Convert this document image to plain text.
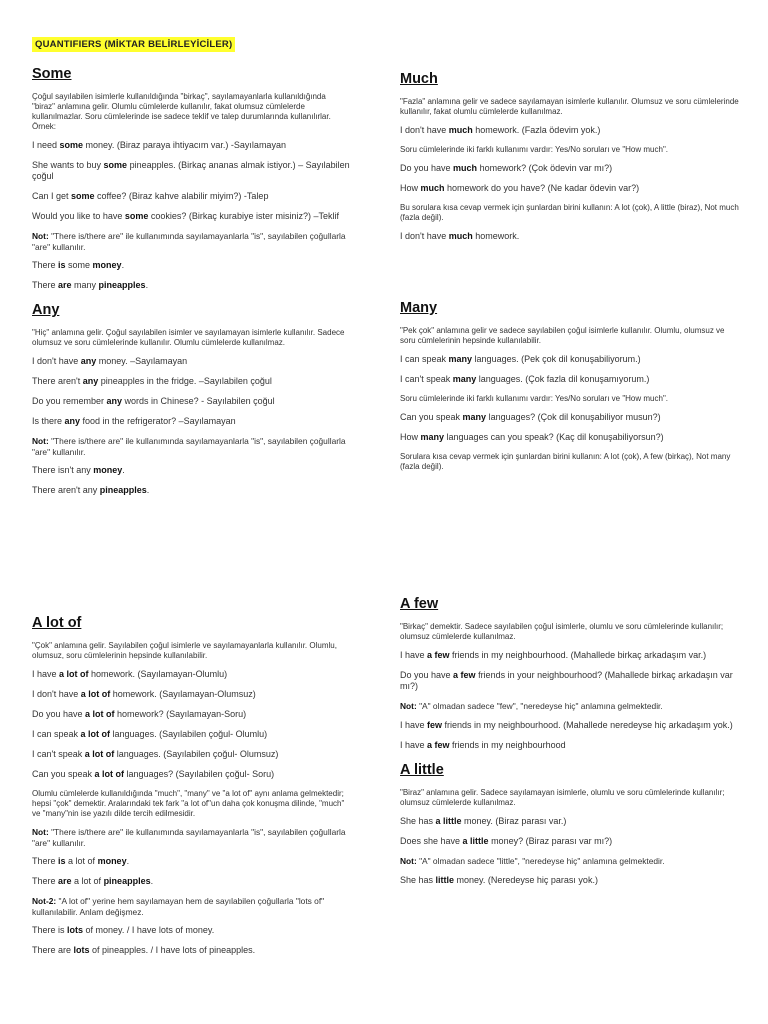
QUANTIFIERS (MİKTAR BELİRLEYİCİLER)
Some

Çoğul sayılabilen isimlerle kullanıldığında "birkaç", sayılamayanlarla kullanıldığında "biraz" anlamına gelir. Olumlu cümlelerde kullanılır, fakat olumsuz cümlelerde kullanılmazlar. Soru cümlelerinde ise sadece teklif ve talep durumlarında kullanılırlar. Örnek:

I need some money. (Biraz paraya ihtiyacım var.) -Sayılamayan

She wants to buy some pineapples. (Birkaç ananas almak istiyor.) – Sayılabilen çoğul

Can I get some coffee? (Biraz kahve alabilir miyim?) -Talep

Would you like to have some cookies? (Birkaç kurabiye ister misiniz?) –Teklif

Not: "There is/there are" ile kullanımında sayılamayanlarla "is", sayılabilen çoğullarla "are" kullanılır.

There is some money.

There are many pineapples.

Any

"Hiç" anlamına gelir. Çoğul sayılabilen isimler ve sayılamayan isimlerle kullanılır. Sadece olumsuz ve soru cümlelerinde kullanılır. Olumlu cümlelerde kullanılmaz.

I don't have any money. –Sayılamayan

There aren't any pineapples in the fridge. –Sayılabilen çoğul

Do you remember any words in Chinese? - Sayılabilen çoğul

Is there any food in the refrigerator? –Sayılamayan

Not: "There is/there are" ile kullanımında sayılamayanlarla "is", sayılabilen çoğullarla "are" kullanılır.

There isn't any money.

There aren't any pineapples.

A lot of

"Çok" anlamına gelir. Sayılabilen çoğul isimlerle ve sayılamayanlarla kullanılır. Olumlu, olumsuz, soru cümlelerinin hepsinde kullanılabilir.

I have a lot of homework. (Sayılamayan-Olumlu)

I don't have a lot of homework. (Sayılamayan-Olumsuz)

Do you have a lot of homework? (Sayılamayan-Soru)

I can speak a lot of languages. (Sayılabilen çoğul- Olumlu)

I can't speak a lot of languages. (Sayılabilen çoğul- Olumsuz)

Can you speak a lot of languages? (Sayılabilen çoğul- Soru)

Olumlu cümlelerde kullanıldığında "much", "many" ve "a lot of" aynı anlama gelmektedir; hepsi "çok" demektir. Aralarındaki tek fark "a lot of"un daha çok konuşma dilinde, "much" ve "many"nin ise yazılı dilde tercih edilmesidir.

Not: "There is/there are" ile kullanımında sayılamayanlarla "is", sayılabilen çoğullarla "are" kullanılır.

There is a lot of money.

There are a lot of pineapples.

Not-2: "A lot of" yerine hem sayılamayan hem de sayılabilen çoğullarla "lots of" kullanılabilir. Anlam değişmez.

There is lots of money. / I have lots of money.

There are lots of pineapples. / I have lots of pineapples.

Much

"Fazla" anlamına gelir ve sadece sayılamayan isimlerle kullanılır. Olumsuz ve soru cümlelerinde kullanılır, fakat olumlu cümlelerde kullanılmaz.

I don't have much homework. (Fazla ödevim yok.)

Soru cümlelerinde iki farklı kullanımı vardır: Yes/No soruları ve "How much".

Do you have much homework? (Çok ödevin var mı?)

How much homework do you have? (Ne kadar ödevin var?)

Bu sorulara kısa cevap vermek için şunlardan birini kullanın: A lot (çok), A little (biraz), Not much (fazla değil).

I don't have much homework.

Many

"Pek çok" anlamına gelir ve sadece sayılabilen çoğul isimlerle kullanılır. Olumlu, olumsuz ve soru cümlelerinin hepsinde kullanılabilir.

I can speak many languages. (Pek çok dil konuşabiliyorum.)

I can't speak many languages. (Çok fazla dil konuşamıyorum.)

Soru cümlelerinde iki farklı kullanımı vardır: Yes/No soruları ve "How much".

Can you speak many languages? (Çok dil konuşabiliyor musun?)

How many languages can you speak? (Kaç dil konuşabiliyorsun?)

Sorulara kısa cevap vermek için şunlardan birini kullanın: A lot (çok), A few (birkaç), Not many (fazla değil).

A few

"Birkaç" demektir. Sadece sayılabilen çoğul isimlerle, olumlu ve soru cümlelerinde kullanılır; olumsuz cümlelerde kullanılmaz.

I have a few friends in my neighbourhood. (Mahallede birkaç arkadaşım var.)

Do you have a few friends in your neighbourhood? (Mahallede birkaç arkadaşın var mı?)

Not: "A" olmadan sadece "few", "neredeyse hiç" anlamına gelmektedir.

I have few friends in my neighbourhood. (Mahallede neredeyse hiç arkadaşım yok.)

I have a few friends in my neighbourhood

A little

"Biraz" anlamına gelir. Sadece sayılamayan isimlerle, olumlu ve soru cümlelerinde kullanılır; olumsuz cümlelerde kullanılmaz.

She has a little money. (Biraz parası var.)

Does she have a little money? (Biraz parası var mı?)

Not: "A" olmadan sadece "little", "neredeyse hiç" anlamına gelmektedir.

She has little money. (Neredeyse hiç parası yok.)
